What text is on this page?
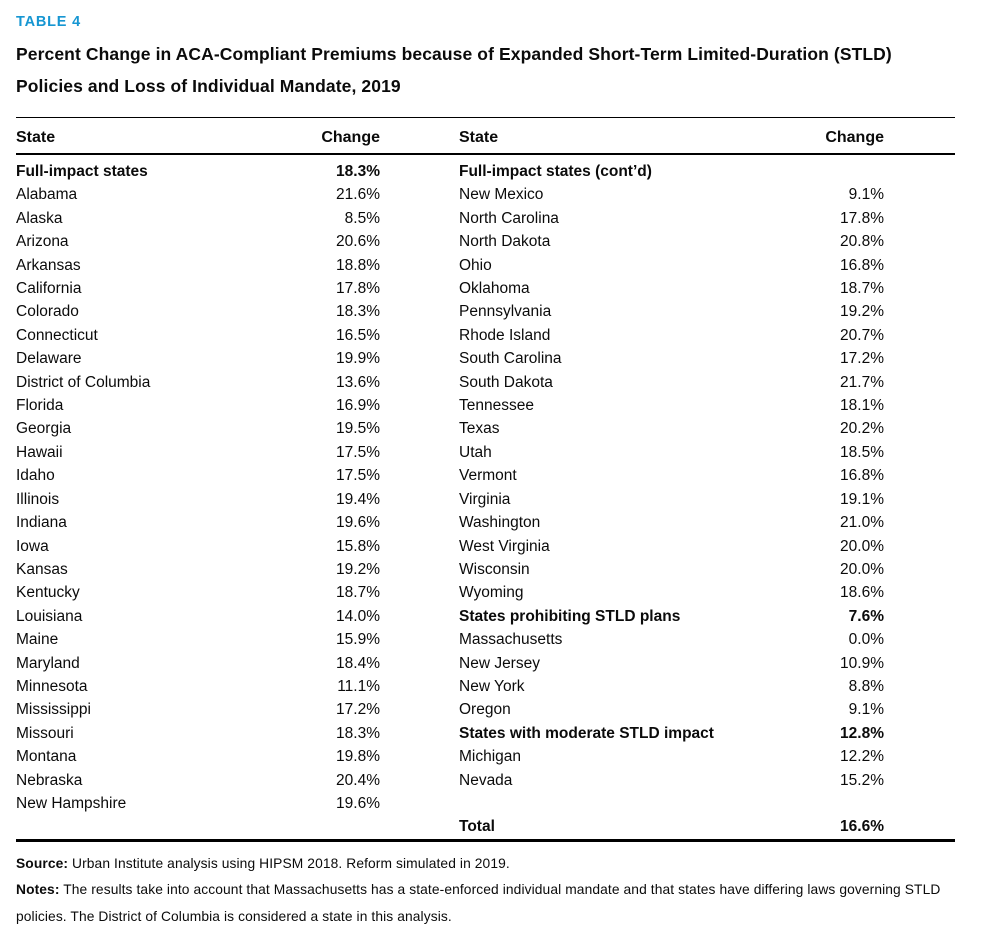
TABLE 4
Percent Change in ACA-Compliant Premiums because of Expanded Short-Term Limited-Duration (STLD) Policies and Loss of Individual Mandate, 2019
State	Change		State	Change
Full-impact states	18.3%		Full-impact states (cont’d)	
Alabama	21.6%		New Mexico	9.1%
Alaska	8.5%		North Carolina	17.8%
Arizona	20.6%		North Dakota	20.8%
Arkansas	18.8%		Ohio	16.8%
California	17.8%		Oklahoma	18.7%
Colorado	18.3%		Pennsylvania	19.2%
Connecticut	16.5%		Rhode Island	20.7%
Delaware	19.9%		South Carolina	17.2%
District of Columbia	13.6%		South Dakota	21.7%
Florida	16.9%		Tennessee	18.1%
Georgia	19.5%		Texas	20.2%
Hawaii	17.5%		Utah	18.5%
Idaho	17.5%		Vermont	16.8%
Illinois	19.4%		Virginia	19.1%
Indiana	19.6%		Washington	21.0%
Iowa	15.8%		West Virginia	20.0%
Kansas	19.2%		Wisconsin	20.0%
Kentucky	18.7%		Wyoming	18.6%
Louisiana	14.0%		States prohibiting STLD plans	7.6%
Maine	15.9%		Massachusetts	0.0%
Maryland	18.4%		New Jersey	10.9%
Minnesota	11.1%		New York	8.8%
Mississippi	17.2%		Oregon	9.1%
Missouri	18.3%		States with moderate STLD impact	12.8%
Montana	19.8%		Michigan	12.2%
Nebraska	20.4%		Nevada	15.2%
New Hampshire	19.6%			
			Total	16.6%

Source: Urban Institute analysis using HIPSM 2018. Reform simulated in 2019.

Notes: The results take into account that Massachusetts has a state-enforced individual mandate and that states have differing laws governing STLD policies. The District of Columbia is considered a state in this analysis.
